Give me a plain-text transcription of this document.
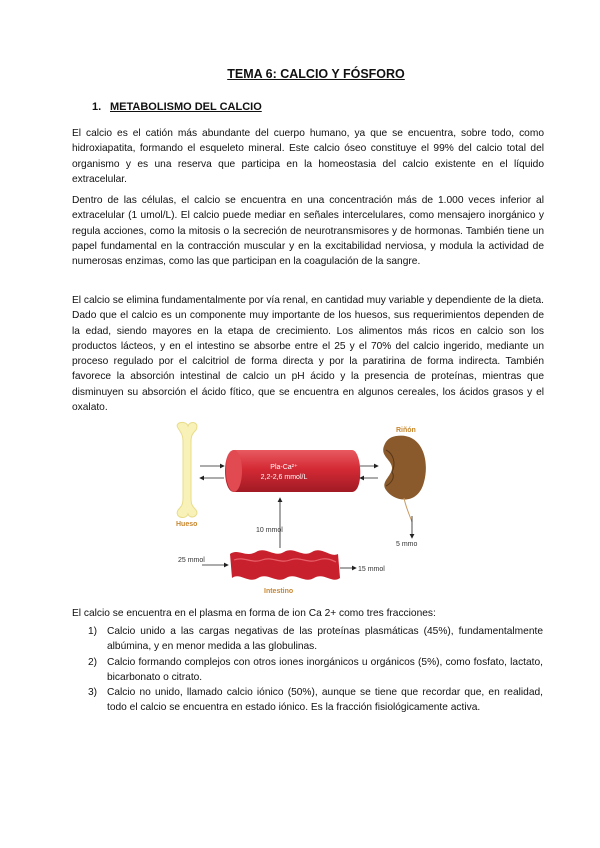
TEMA 6: CALCIO Y FÓSFORO
1. METABOLISMO DEL CALCIO

El calcio es el catión más abundante del cuerpo humano, ya que se encuentra, sobre todo, como hidroxiapatita, formando el esqueleto mineral. Este calcio óseo constituye el 99% del calcio total del organismo y es una reserva que participa en la homeostasia del calcio existente en el líquido extracelular.

Dentro de las células, el calcio se encuentra en una concentración más de 1.000 veces inferior al extracelular (1 umol/L). El calcio puede mediar en señales intercelulares, como mensajero inorgánico y regula acciones, como la mitosis o la secreción de neurotransmisores y de hormonas. También tiene un papel fundamental en la contracción muscular y en la excitabilidad nerviosa, y modula la actividad de numerosas enzimas, como las que participan en la coagulación de la sangre.

El calcio se elimina fundamentalmente por vía renal, en cantidad muy variable y dependiente de la dieta. Dado que el calcio es un componente muy importante de los huesos, sus requerimientos dependen de la edad, siendo mayores en la etapa de crecimiento. Los alimentos más ricos en calcio son los productos lácteos, y en el intestino se absorbe entre el 25 y el 70% del calcio ingerido, mediante un proceso regulado por el calcitriol de forma directa y por la paratirina de forma indirecta. También favorece la absorción intestinal de calcio un pH ácido y la presencia de proteínas, mientras que disminuyen su absorción el ácido fítico, que se encuentra en algunos cereales, los ácidos grasos y el oxalato.

Hueso
Pla-Ca²⁺
2,2-2,6 mmol/L
Riñón
5 mmo
10 mmol
25 mmol
15 mmol
Intestino
El calcio se encuentra en el plasma en forma de ion Ca 2+ como tres fracciones:
1) Calcio unido a las cargas negativas de las proteínas plasmáticas (45%), fundamentalmente albúmina, y en menor medida a las globulinas.
2) Calcio formando complejos con otros iones inorgánicos u orgánicos (5%), como fosfato, lactato, bicarbonato o citrato.
3) Calcio no unido, llamado calcio iónico (50%), aunque se tiene que recordar que, en realidad, todo el calcio se encuentra en estado iónico. Es la fracción fisiológicamente activa.
